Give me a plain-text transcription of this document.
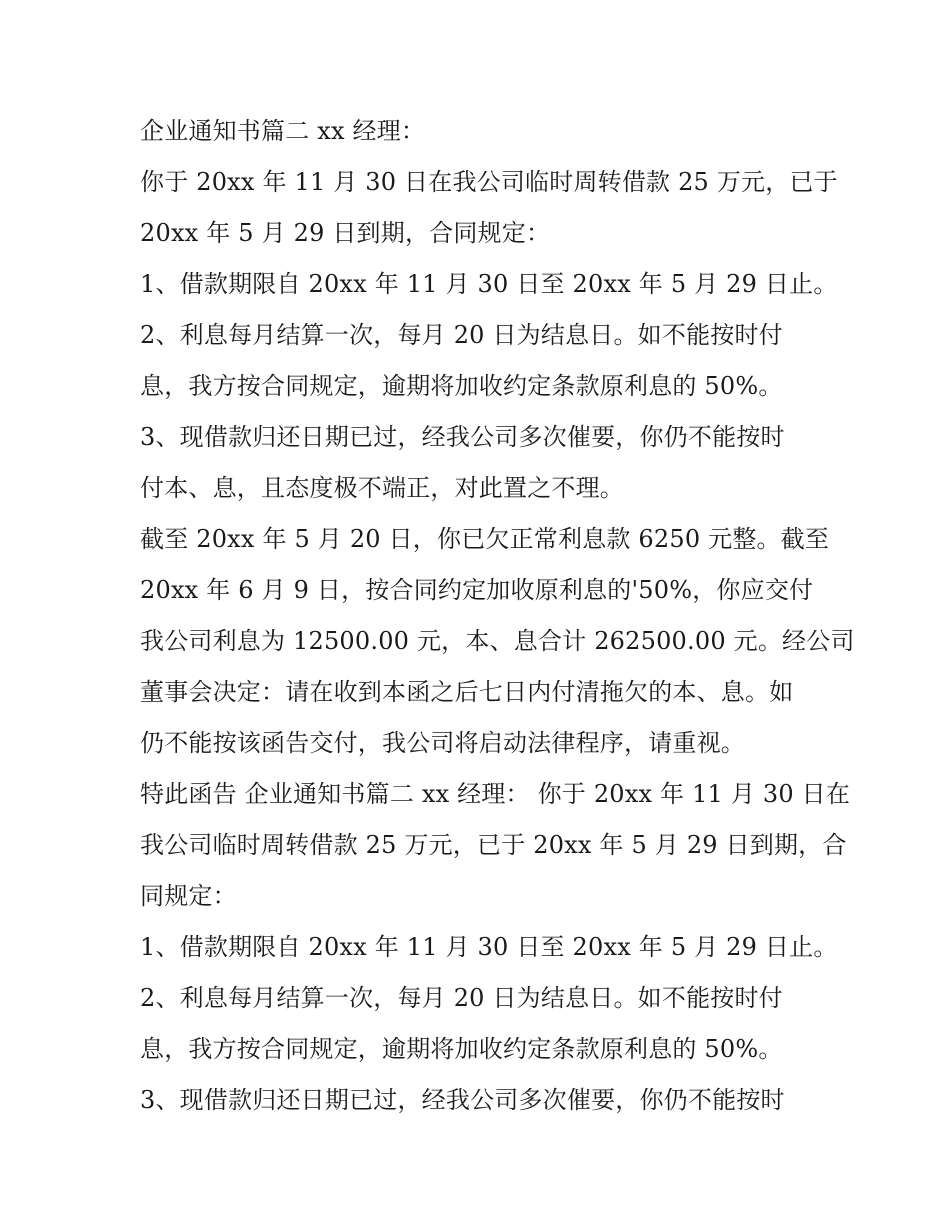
企业通知书篇二 xx 经理：
你于 20xx 年 11 月 30 日在我公司临时周转借款 25 万元，已于
20xx 年 5 月 29 日到期，合同规定：
1、借款期限自 20xx 年 11 月 30 日至 20xx 年 5 月 29 日止。
2、利息每月结算一次，每月 20 日为结息日。如不能按时付
息，我方按合同规定，逾期将加收约定条款原利息的 50%。
3、现借款归还日期已过，经我公司多次催要，你仍不能按时
付本、息，且态度极不端正，对此置之不理。
截至 20xx 年 5 月 20 日，你已欠正常利息款 6250 元整。截至
20xx 年 6 月 9 日，按合同约定加收原利息的'50%，你应交付
我公司利息为 12500.00 元，本、息合计 262500.00 元。经公司
董事会决定：请在收到本函之后七日内付清拖欠的本、息。如
仍不能按该函告交付，我公司将启动法律程序，请重视。
特此函告 企业通知书篇二 xx 经理： 你于 20xx 年 11 月 30 日在
我公司临时周转借款 25 万元，已于 20xx 年 5 月 29 日到期，合
同规定：
1、借款期限自 20xx 年 11 月 30 日至 20xx 年 5 月 29 日止。
2、利息每月结算一次，每月 20 日为结息日。如不能按时付
息，我方按合同规定，逾期将加收约定条款原利息的 50%。
3、现借款归还日期已过，经我公司多次催要，你仍不能按时
